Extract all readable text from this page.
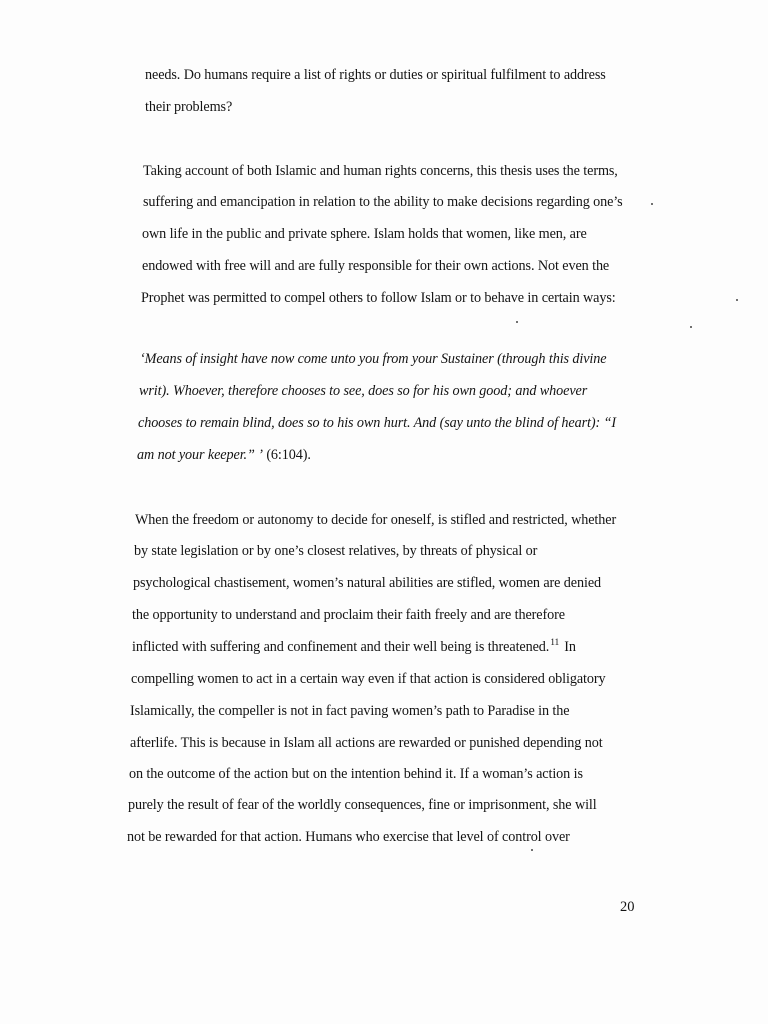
needs. Do humans require a list of rights or duties or spiritual fulfilment to address
their problems?
Taking account of both Islamic and human rights concerns, this thesis uses the terms,
suffering and emancipation in relation to the ability to make decisions regarding one’s
own life in the public and private sphere. Islam holds that women, like men, are
endowed with free will and are fully responsible for their own actions. Not even the
Prophet was permitted to compel others to follow Islam or to behave in certain ways:
‘Means of insight have now come unto you from your Sustainer (through this divine
writ). Whoever, therefore chooses to see, does so for his own good; and whoever
chooses to remain blind, does so to his own hurt. And (say unto the blind of heart): “I
am not your keeper.” ’ (6:104).
When the freedom or autonomy to decide for oneself, is stifled and restricted, whether
by state legislation or by one’s closest relatives, by threats of physical or
psychological chastisement, women’s natural abilities are stifled, women are denied
the opportunity to understand and proclaim their faith freely and are therefore
inflicted with suffering and confinement and their well being is threatened.$^{11}$ In
compelling women to act in a certain way even if that action is considered obligatory
Islamically, the compeller is not in fact paving women’s path to Paradise in the
afterlife. This is because in Islam all actions are rewarded or punished depending not
on the outcome of the action but on the intention behind it. If a woman’s action is
purely the result of fear of the worldly consequences, fine or imprisonment, she will
not be rewarded for that action. Humans who exercise that level of control over
20
